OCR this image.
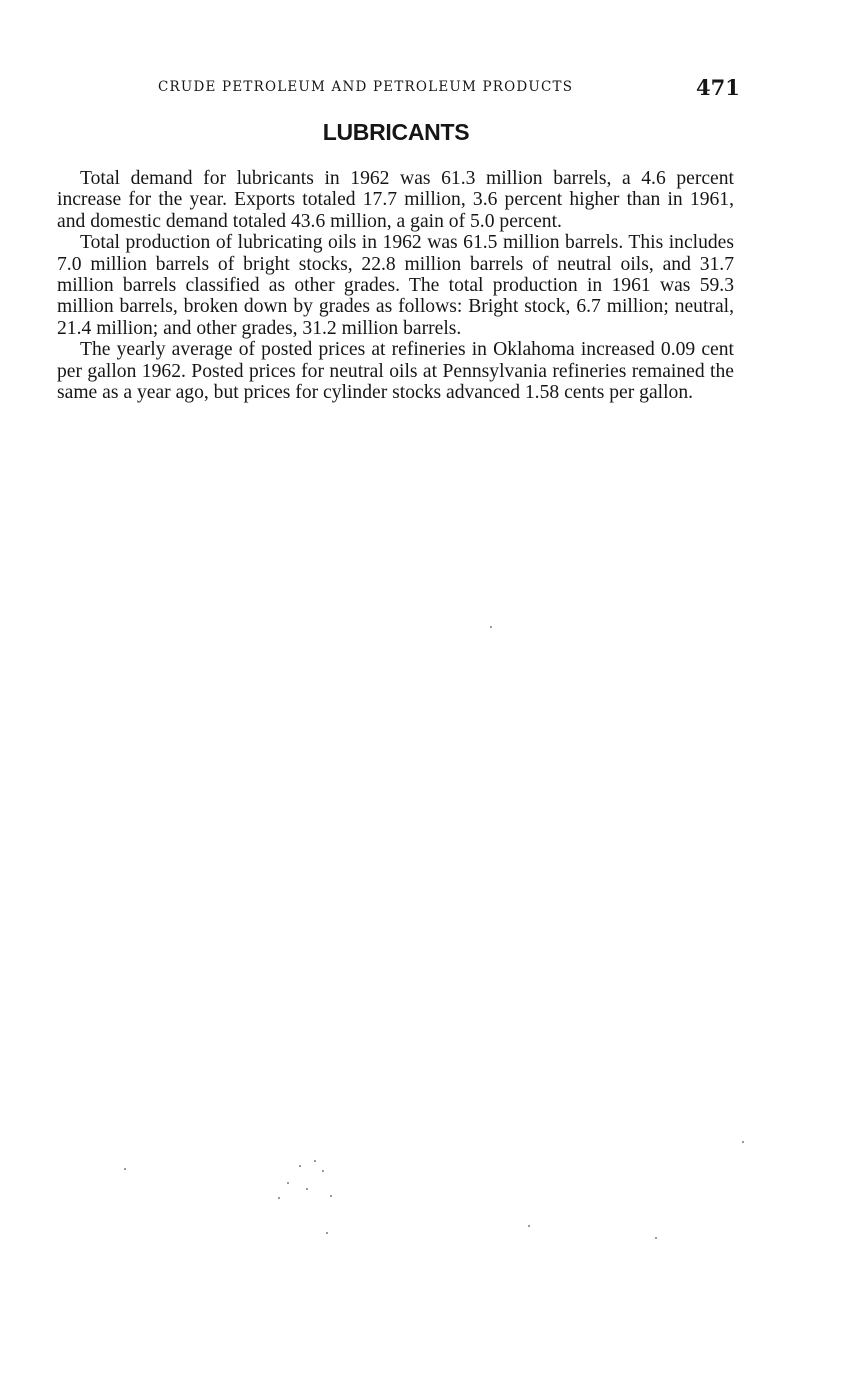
CRUDE PETROLEUM AND PETROLEUM PRODUCTS	471
LUBRICANTS

Total demand for lubricants in 1962 was 61.3 million barrels, a 4.6 percent increase for the year. Exports totaled 17.7 million, 3.6 percent higher than in 1961, and domestic demand totaled 43.6 million, a gain of 5.0 percent.

Total production of lubricating oils in 1962 was 61.5 million barrels. This includes 7.0 million barrels of bright stocks, 22.8 million barrels of neutral oils, and 31.7 million barrels classified as other grades. The total production in 1961 was 59.3 million barrels, broken down by grades as follows: Bright stock, 6.7 million; neutral, 21.4 million; and other grades, 31.2 million barrels.

The yearly average of posted prices at refineries in Oklahoma increased 0.09 cent per gallon 1962. Posted prices for neutral oils at Pennsylvania refineries remained the same as a year ago, but prices for cylinder stocks advanced 1.58 cents per gallon.
